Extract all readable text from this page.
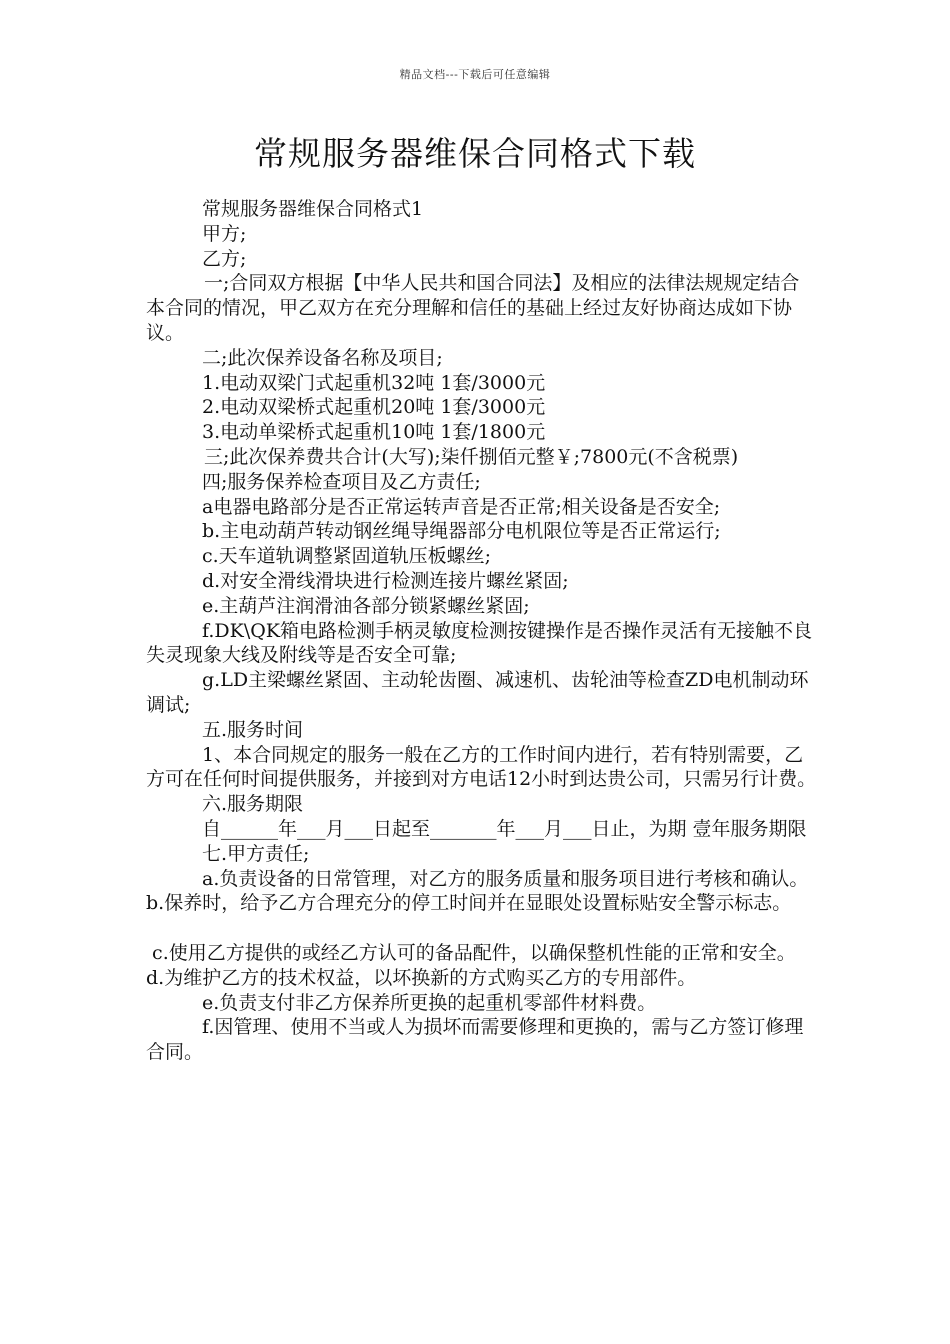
精品文档---下载后可任意编辑
常规服务器维保合同格式下载

常规服务器维保合同格式1

甲方;

乙方;

一;合同双方根据【中华人民共和国合同法】及相应的法律法规规定结合本合同的情况，甲乙双方在充分理解和信任的基础上经过友好协商达成如下协议。

二;此次保养设备名称及项目;

1.电动双梁门式起重机32吨 1套/3000元

2.电动双梁桥式起重机20吨 1套/3000元

3.电动单梁桥式起重机10吨 1套/1800元

三;此次保养费共合计(大写);柒仟捌佰元整￥;7800元(不含税票)

四;服务保养检查项目及乙方责任;

a电器电路部分是否正常运转声音是否正常;相关设备是否安全;

b.主电动葫芦转动钢丝绳导绳器部分电机限位等是否正常运行;

c.天车道轨调整紧固道轨压板螺丝;

d.对安全滑线滑块进行检测连接片螺丝紧固;

e.主葫芦注润滑油各部分锁紧螺丝紧固;

f.DK\QK箱电路检测手柄灵敏度检测按键操作是否操作灵活有无接触不良失灵现象大线及附线等是否安全可靠;

g.LD主梁螺丝紧固、主动轮齿圈、减速机、齿轮油等检查ZD电机制动环调试;

五.服务时间

1、本合同规定的服务一般在乙方的工作时间内进行，若有特别需要，乙方可在任何时间提供服务，并接到对方电话12小时到达贵公司，只需另行计费。

六.服务期限

自______年___月___日起至_______年___月___日止，为期 壹年服务期限

七.甲方责任;

a.负责设备的日常管理，对乙方的服务质量和服务项目进行考核和确认。 b.保养时，给予乙方合理充分的停工时间并在显眼处设置标贴安全警示标志。

c.使用乙方提供的或经乙方认可的备品配件，以确保整机性能的正常和安全。 d.为维护乙方的技术权益，以坏换新的方式购买乙方的专用部件。

e.负责支付非乙方保养所更换的起重机零部件材料费。

f.因管理、使用不当或人为损坏而需要修理和更换的，需与乙方签订修理合同。
